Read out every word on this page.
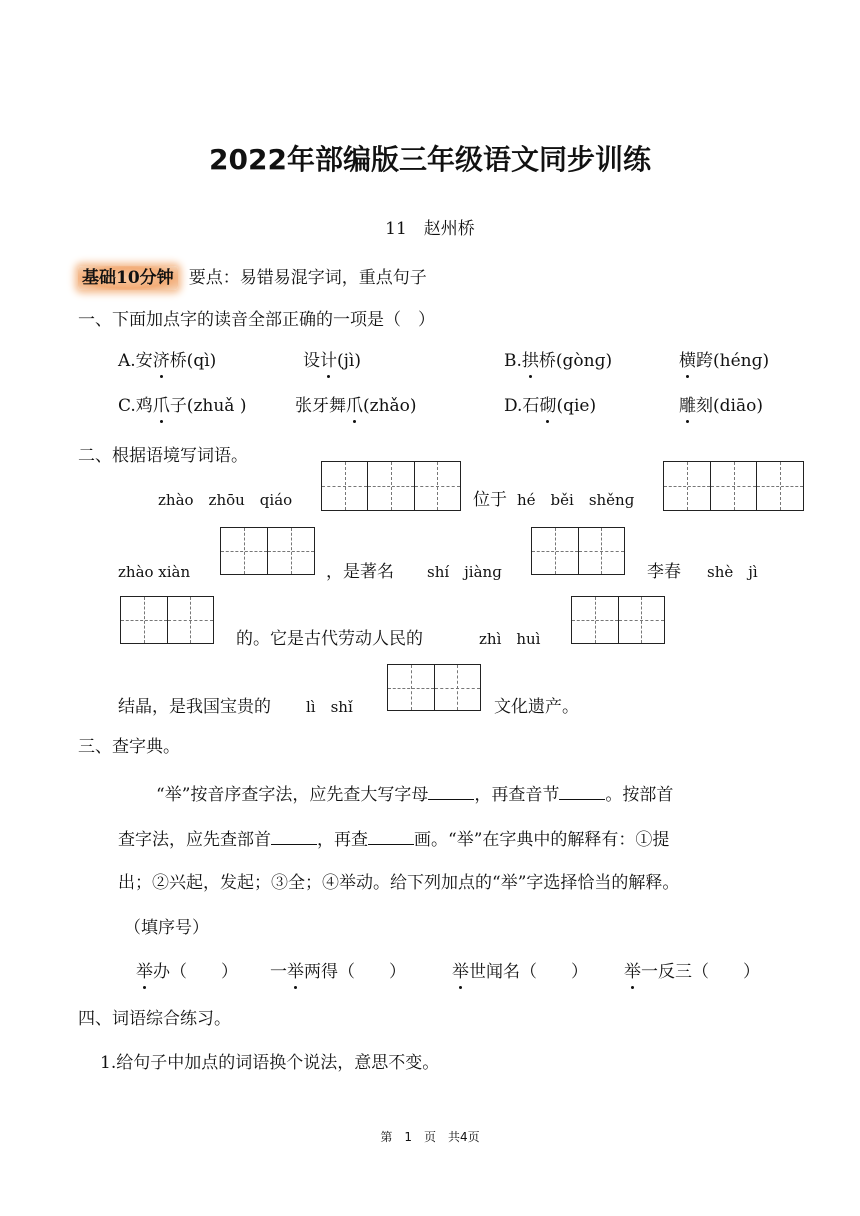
2022年部编版三年级语文同步训练
11　赵州桥
基础10分钟 要点：易错易混字词，重点句子
一、下面加点字的读音全部正确的一项是（　）
A.安济桥(qì)	设计(jì)	B.拱桥(gònɡ)	横跨(hénɡ)
C.鸡爪子(zhuǎ )	张牙舞爪(zhǎo)	D.石砌(qie)	雕刻(diāo)
二、根据语境写词语。
zhào　zhōu　qiáo	位于 hé　běi　shěnɡ
zhào xiàn	，是著名 shí　jiànɡ	李春 shè　jì
的。它是古代劳动人民的	zhì　huì
结晶，是我国宝贵的 lì　shǐ	文化遗产。
三、查字典。
“举”按音序查字法，应先查大写字母	，再查音节	。按部首
查字法，应先查部首	，再查	画。“举”在字典中的解释有：①提
出；②兴起，发起；③全；④举动。给下列加点的“举”字选择恰当的解释。
（填序号）
举办（　　） 一举两得（　　）	举世闻名（　　） 举一反三（　　）
四、词语综合练习。
1.给句子中加点的词语换个说法，意思不变。
第　1　页　共4页
